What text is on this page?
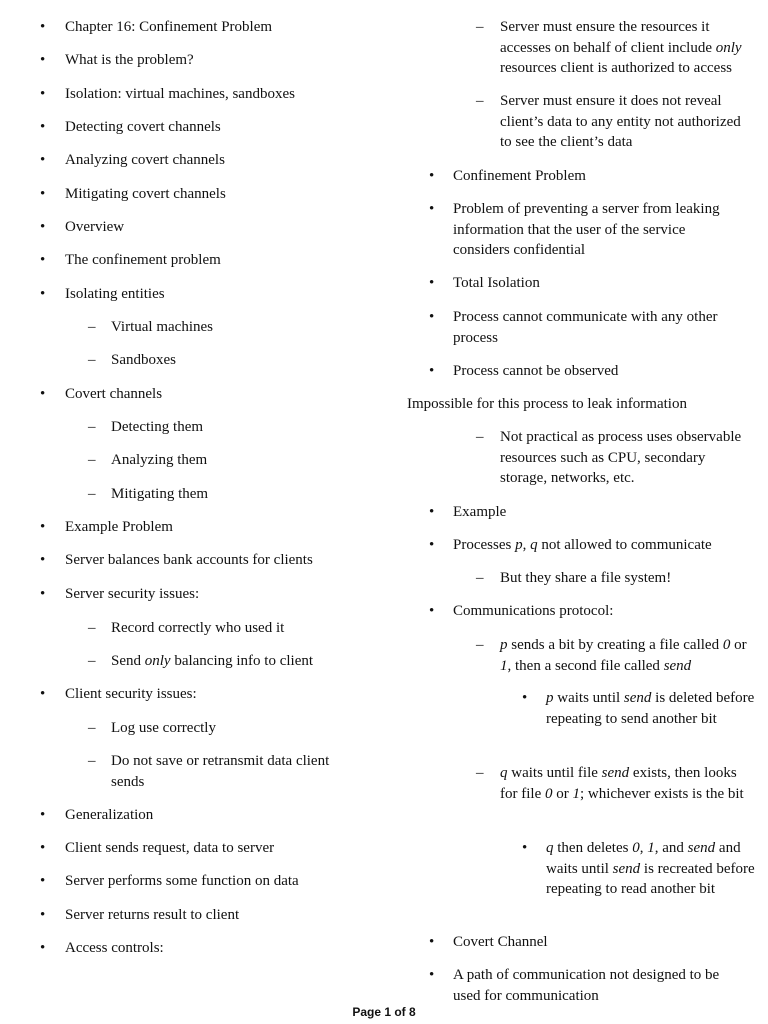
• Chapter 16: Confinement Problem
• What is the problem?
• Isolation: virtual machines, sandboxes
• Detecting covert channels
• Analyzing covert channels
• Mitigating covert channels
• Overview
• The confinement problem
• Isolating entities
– Virtual machines
– Sandboxes
• Covert channels
– Detecting them
– Analyzing them
– Mitigating them
• Example Problem
• Server balances bank accounts for clients
• Server security issues:
– Record correctly who used it
– Send only balancing info to client
• Client security issues:
– Log use correctly
– Do not save or retransmit data client sends
• Generalization
• Client sends request, data to server
• Server performs some function on data
• Server returns result to client
• Access controls:
– Server must ensure the resources it accesses on behalf of client include only resources client is authorized to access
– Server must ensure it does not reveal client’s data to any entity not authorized to see the client’s data
• Confinement Problem
• Problem of preventing a server from leaking information that the user of the service considers confidential
• Total Isolation
• Process cannot communicate with any other process
• Process cannot be observed
Impossible for this process to leak information
– Not practical as process uses observable resources such as CPU, secondary storage, networks, etc.
• Example
• Processes p, q not allowed to communicate
– But they share a file system!
• Communications protocol:
– p sends a bit by creating a file called 0 or 1, then a second file called send
• p waits until send is deleted before repeating to send another bit
– q waits until file send exists, then looks for file 0 or 1; whichever exists is the bit
• q then deletes 0, 1, and send and waits until send is recreated before repeating to read another bit
• Covert Channel
• A path of communication not designed to be used for communication
Page 1 of 8
